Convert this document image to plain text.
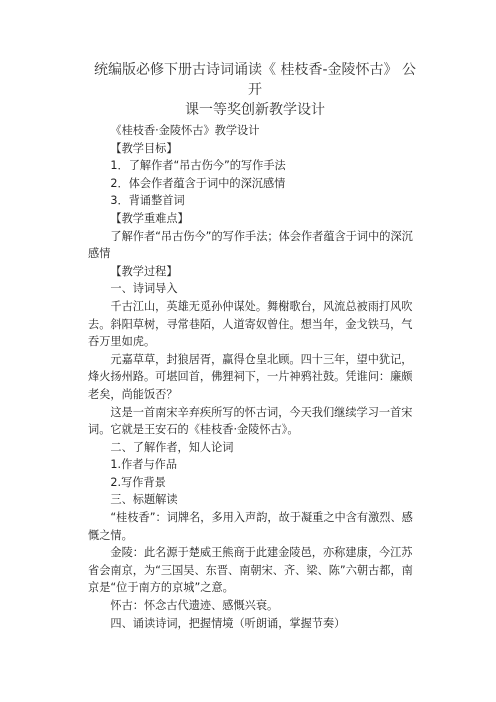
统编版必修下册古诗词诵读《 桂枝香-金陵怀古》 公开
课一等奖创新教学设计

《桂枝香·金陵怀古》教学设计

【教学目标】

1．了解作者“吊古伤今”的写作手法

2．体会作者蕴含于词中的深沉感情

3．背诵整首词

【教学重难点】

了解作者“吊古伤今”的写作手法；体会作者蕴含于词中的深沉感情

【教学过程】

一、诗词导入

千古江山，英雄无觅孙仲谋处。舞榭歌台，风流总被雨打风吹去。斜阳草树，寻常巷陌，人道寄奴曾住。想当年，金戈铁马，气吞万里如虎。

元嘉草草，封狼居胥，赢得仓皇北顾。四十三年，望中犹记，烽火扬州路。可堪回首，佛狸祠下，一片神鸦社鼓。凭谁问：廉颇老矣，尚能饭否？

这是一首南宋辛弃疾所写的怀古词，今天我们继续学习一首宋词。它就是王安石的《桂枝香·金陵怀古》。

二、了解作者，知人论词

1.作者与作品

2.写作背景

三、标题解读

“桂枝香”：词牌名，多用入声韵，故于凝重之中含有激烈、感慨之情。

金陵：此名源于楚威王熊商于此建金陵邑，亦称建康，今江苏省会南京，为“三国吴、东晋、南朝宋、齐、梁、陈”六朝古都，南京是“位于南方的京城”之意。

怀古：怀念古代遗迹、感慨兴衰。

四、诵读诗词，把握情境（听朗诵，掌握节奏）
